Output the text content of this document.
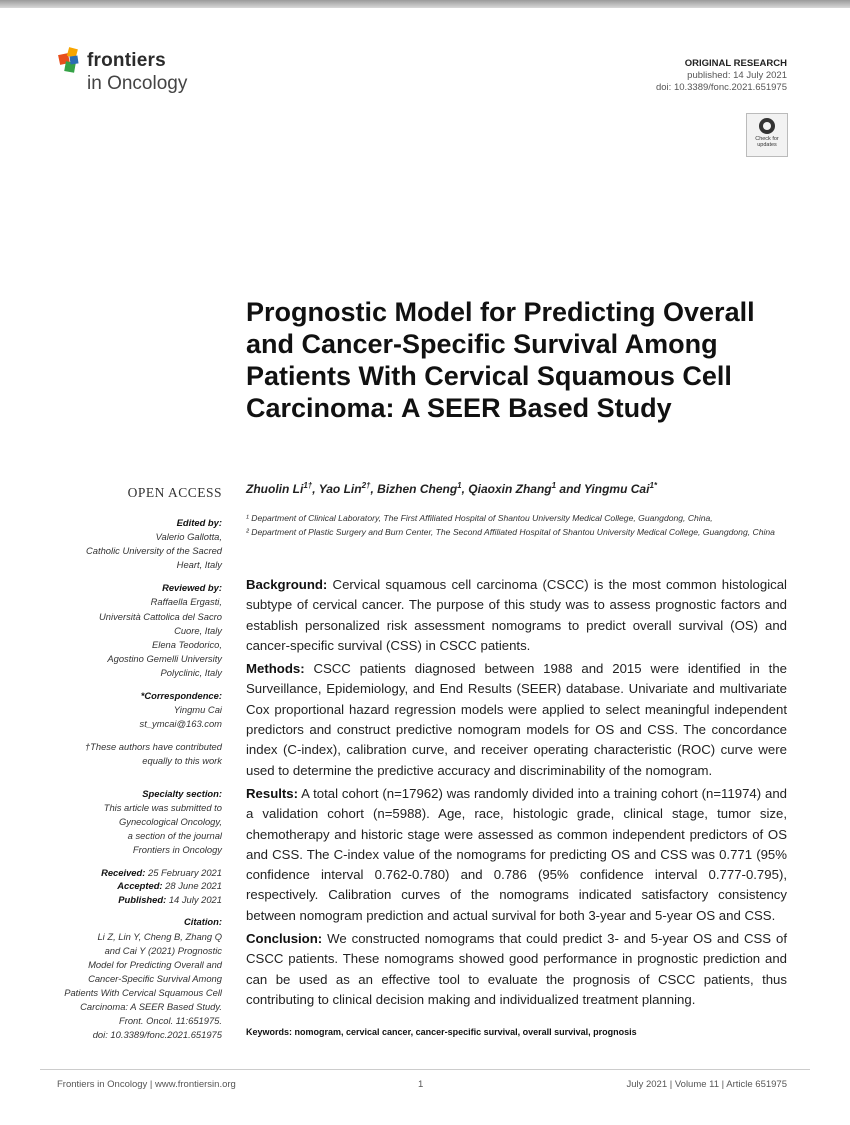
frontiers
in Oncology
ORIGINAL RESEARCH
published: 14 July 2021
doi: 10.3389/fonc.2021.651975
Check for updates
Prognostic Model for Predicting Overall and Cancer-Specific Survival Among Patients With Cervical Squamous Cell Carcinoma: A SEER Based Study
Zhuolin $Li^{1\dagger}$, Yao Lin$^{2\dagger}$, Bizhen Cheng$^1$, Qiaoxin Zhang$^1$ and Yingmu Cai$^{1*}$

¹ Department of Clinical Laboratory, The First Affiliated Hospital of Shantou University Medical College, Guangdong, China,

² Department of Plastic Surgery and Burn Center, The Second Affiliated Hospital of Shantou University Medical College, Guangdong, China

OPEN ACCESS
Edited by:
Valerio Gallotta,
Catholic University of the Sacred
Heart, Italy
Reviewed by:
Raffaella Ergasti,
Università Cattolica del Sacro
Cuore, Italy
Elena Teodorico,
Agostino Gemelli University
Polyclinic, Italy
*Correspondence:
Yingmu Cai
st_ymcai@163.com
†These authors have contributed
equally to this work
Specialty section:
This article was submitted to
Gynecological Oncology,
a section of the journal
Frontiers in Oncology
Received: 25 February 2021
Accepted: 28 June 2021
Published: 14 July 2021
Citation:
Li Z, Lin Y, Cheng B, Zhang Q
and Cai Y (2021) Prognostic
Model for Predicting Overall and
Cancer-Specific Survival Among
Patients With Cervical Squamous Cell
Carcinoma: A SEER Based Study.
Front. Oncol. 11:651975.
doi: 10.3389/fonc.2021.651975

Background: Cervical squamous cell carcinoma (CSCC) is the most common histological subtype of cervical cancer. The purpose of this study was to assess prognostic factors and establish personalized risk assessment nomograms to predict overall survival (OS) and cancer-specific survival (CSS) in CSCC patients.

Methods: CSCC patients diagnosed between 1988 and 2015 were identified in the Surveillance, Epidemiology, and End Results (SEER) database. Univariate and multivariate Cox proportional hazard regression models were applied to select meaningful independent predictors and construct predictive nomogram models for OS and CSS. The concordance index (C-index), calibration curve, and receiver operating characteristic (ROC) curve were used to determine the predictive accuracy and discriminability of the nomogram.

Results: A total cohort (n=17962) was randomly divided into a training cohort (n=11974) and a validation cohort (n=5988). Age, race, histologic grade, clinical stage, tumor size, chemotherapy and historic stage were assessed as common independent predictors of OS and CSS. The C-index value of the nomograms for predicting OS and CSS was 0.771 (95% confidence interval 0.762-0.780) and 0.786 (95% confidence interval 0.777-0.795), respectively. Calibration curves of the nomograms indicated satisfactory consistency between nomogram prediction and actual survival for both 3-year and 5-year OS and CSS.

Conclusion: We constructed nomograms that could predict 3- and 5-year OS and CSS of CSCC patients. These nomograms showed good performance in prognostic prediction and can be used as an effective tool to evaluate the prognosis of CSCC patients, thus contributing to clinical decision making and individualized treatment planning.

Keywords: nomogram, cervical cancer, cancer-specific survival, overall survival, prognosis
Frontiers in Oncology | www.frontiersin.org	1	July 2021 | Volume 11 | Article 651975
